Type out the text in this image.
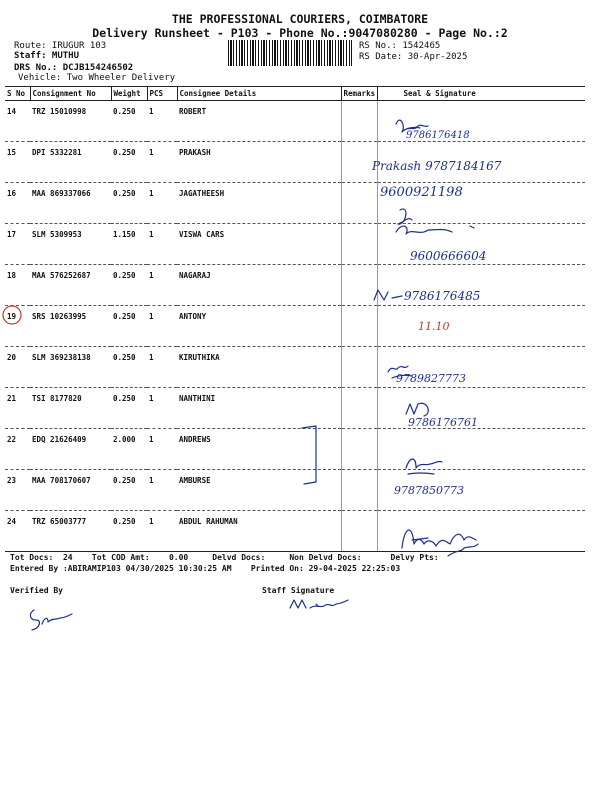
THE PROFESSIONAL COURIERS, COIMBATORE
Delivery Runsheet - P103 - Phone No.:9047080280 - Page No.:2
Route: IRUGUR 103
Staff: MUTHU
DRS No.: DCJB154246502
Vehicle: Two Wheeler Delivery
RS No.: 1542465
RS Date: 30-Apr-2025
S No	Consignment No	Weight	PCS	Consignee Details	Remarks	Seal & Signature
14	TRZ 15010998	0.250	1	ROBERT		
15	DPI 5332281	0.250	1	PRAKASH		
16	MAA 869337066	0.250	1	JAGATHEESH		
17	SLM 5309953	1.150	1	VISWA CARS		
18	MAA 576252687	0.250	1	NAGARAJ		
19	SRS 10263995	0.250	1	ANTONY		
20	SLM 369238138	0.250	1	KIRUTHIKA		
21	TSI 8177820	0.250	1	NANTHINI		
22	EDQ 21626409	2.000	1	ANDREWS		
23	MAA 708170607	0.250	1	AMBURSE		
24	TRZ 65003777	0.250	1	ABDUL RAHUMAN		
Tot Docs:  24    Tot COD Amt:    0.00     Delvd Docs:     Non Delvd Docs:      Delvy Pts:
Entered By :ABIRAMIP103 04/30/2025 10:30:25 AM    Printed On: 29-04-2025 22:25:03
Verified By	Staff Signature
9786176418
Prakash 9787184167
9600921198
9600666604
9786176485
11.10
9789827773
9786176761
9787850773
